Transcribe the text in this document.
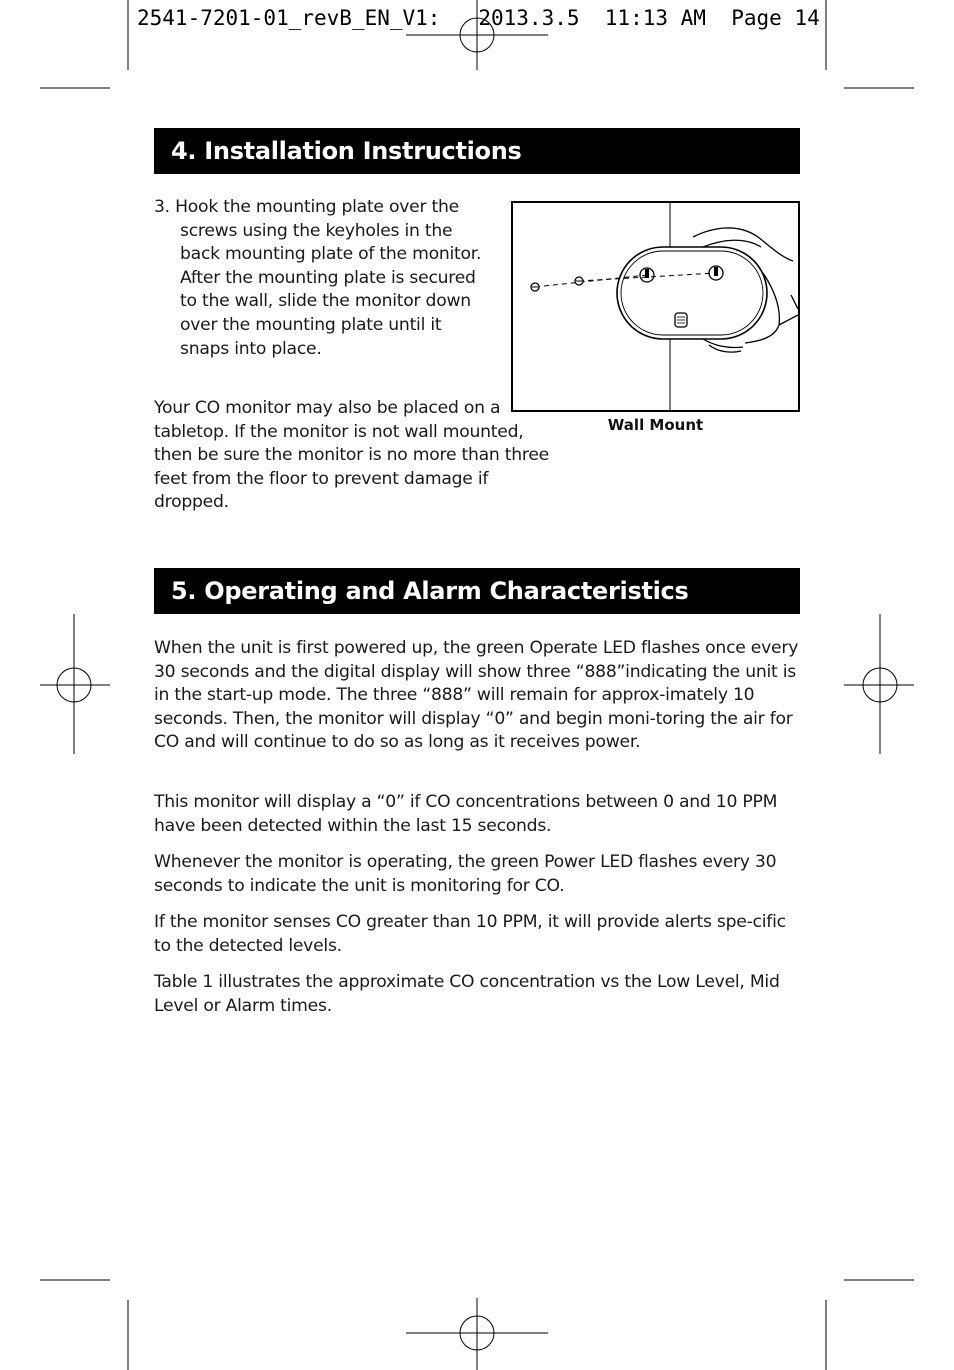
2541-7201-01_revB_EN_V1:   2013.3.5  11:13 AM  Page 14
4. Installation Instructions
3. Hook the mounting plate over the screws using the keyholes in the back mounting plate of the monitor. After the mounting plate is secured to the wall, slide the monitor down over the mounting plate until it snaps into place.

Your CO monitor may also be placed on a tabletop. If the monitor is not wall mounted, then be sure the monitor is no more than three feet from the floor to prevent damage if dropped.

Wall Mount
5. Operating and Alarm Characteristics

When the unit is first powered up, the green Operate LED flashes once every 30 seconds and the digital display will show three “888”indicating the unit is in the start-up mode. The three “888” will remain for approx-imately 10 seconds. Then, the monitor will display “0” and begin moni-toring the air for CO and will continue to do so as long as it receives power.

This monitor will display a “0” if CO concentrations between 0 and 10 PPM have been detected within the last 15 seconds.

Whenever the monitor is operating, the green Power LED flashes every 30 seconds to indicate the unit is monitoring for CO.

If the monitor senses CO greater than 10 PPM, it will provide alerts spe-cific to the detected levels.

Table 1 illustrates the approximate CO concentration vs the Low Level, Mid Level or Alarm times.
